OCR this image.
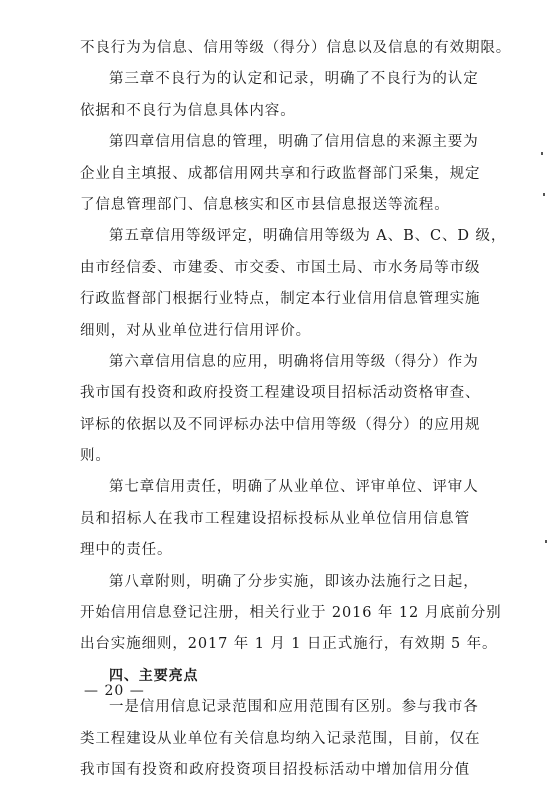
不良行为为信息、信用等级（得分）信息以及信息的有效期限。
第三章不良行为的认定和记录，明确了不良行为的认定
依据和不良行为信息具体内容。
第四章信用信息的管理，明确了信用信息的来源主要为
企业自主填报、成都信用网共享和行政监督部门采集，规定
了信息管理部门、信息核实和区市县信息报送等流程。
第五章信用等级评定，明确信用等级为 A、B、C、D 级，
由市经信委、市建委、市交委、市国土局、市水务局等市级
行政监督部门根据行业特点，制定本行业信用信息管理实施
细则，对从业单位进行信用评价。
第六章信用信息的应用，明确将信用等级（得分）作为
我市国有投资和政府投资工程建设项目招标活动资格审查、
评标的依据以及不同评标办法中信用等级（得分）的应用规
则。
第七章信用责任，明确了从业单位、评审单位、评审人
员和招标人在我市工程建设招标投标从业单位信用信息管
理中的责任。
第八章附则，明确了分步实施，即该办法施行之日起，
开始信用信息登记注册，相关行业于 2016 年 12 月底前分别
出台实施细则，2017 年 1 月 1 日正式施行，有效期 5 年。
四、主要亮点
一是信用信息记录范围和应用范围有区别。参与我市各
类工程建设从业单位有关信息均纳入记录范围，目前，仅在
我市国有投资和政府投资项目招投标活动中增加信用分值
— 20 —
